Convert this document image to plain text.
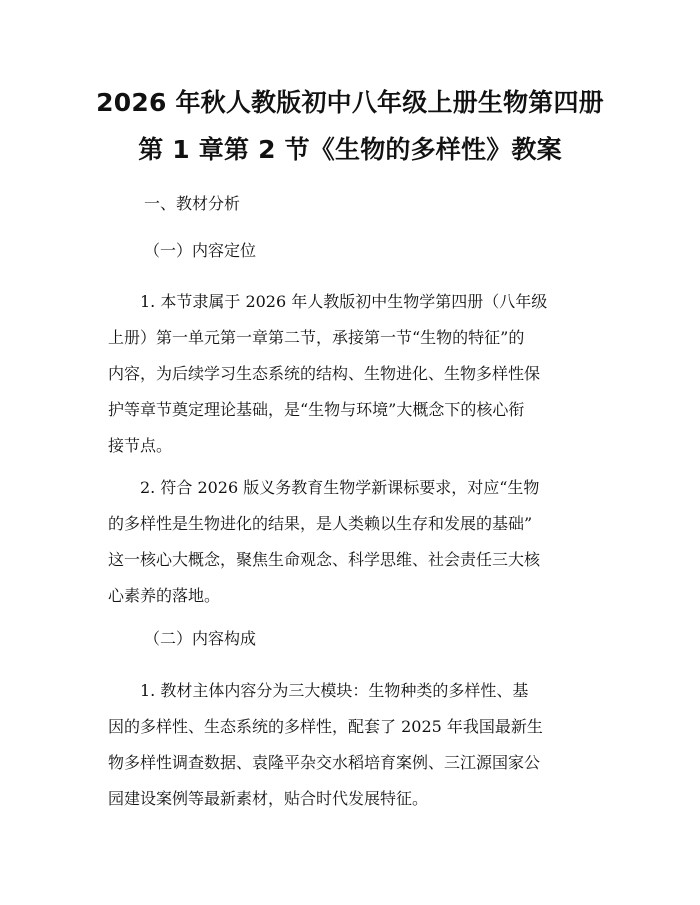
2026 年秋人教版初中八年级上册生物第四册
第 1 章第 2 节《生物的多样性》教案
一、教材分析
（一）内容定位
1. 本节隶属于 2026 年人教版初中生物学第四册（八年级
上册）第一单元第一章第二节，承接第一节“生物的特征”的
内容，为后续学习生态系统的结构、生物进化、生物多样性保
护等章节奠定理论基础，是“生物与环境”大概念下的核心衔
接节点。
2. 符合 2026 版义务教育生物学新课标要求，对应“生物
的多样性是生物进化的结果，是人类赖以生存和发展的基础”
这一核心大概念，聚焦生命观念、科学思维、社会责任三大核
心素养的落地。
（二）内容构成
1. 教材主体内容分为三大模块：生物种类的多样性、基
因的多样性、生态系统的多样性，配套了 2025 年我国最新生
物多样性调查数据、袁隆平杂交水稻培育案例、三江源国家公
园建设案例等最新素材，贴合时代发展特征。
